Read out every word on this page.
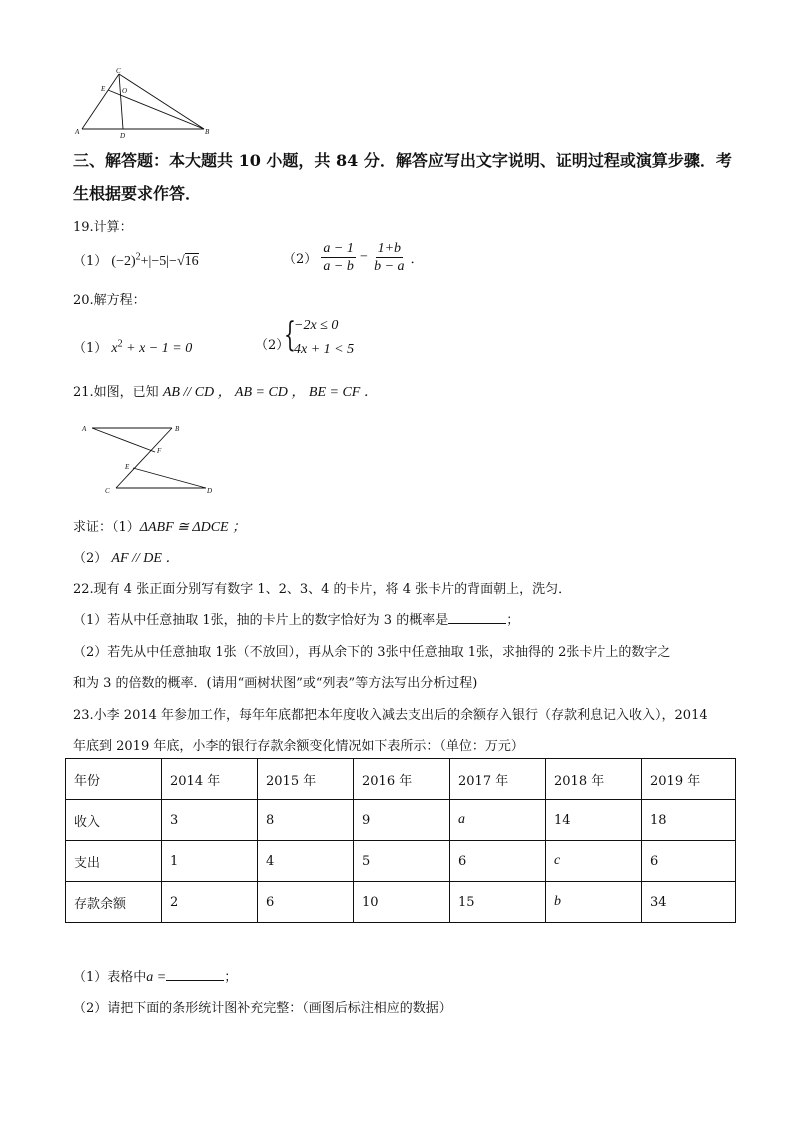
A	B
C
D
E O
三、解答题：本大题共 10 小题，共 84 分．解答应写出文字说明、证明过程或演算步骤．考
生根据要求作答．
19.计算：
（1） $(-2)^2+|-5|-√16$	$(2) \frac{a - 1}{a - b} - \frac{1+b}{b - a}$ ．
20.解方程：
（1） $x^2 + x - 1 = 0$	（2）
{
−2x ≤ 0
4x + 1 < 5
21.如图，已知 AB // CD ， AB = CD ， BE = CF ．
A	B
F
E
C	D
求证：（1）ΔABF ≅ ΔDCE ；
（2） AF // DE ．
22.现有 4 张正面分别写有数字 1、2、3、4 的卡片，将 4 张卡片的背面朝上，洗匀．
（1）若从中任意抽取 1张，抽的卡片上的数字恰好为 3 的概率是	；
（2）若先从中任意抽取 1张（不放回），再从余下的 3张中任意抽取 1张，求抽得的 2张卡片上的数字之
和为 3 的倍数的概率．(请用“画树状图”或“列表”等方法写出分析过程)
23.小李 2014 年参加工作，每年年底都把本年度收入减去支出后的余额存入银行（存款利息记入收入），2014
年底到 2019 年底，小李的银行存款余额变化情况如下表所示：（单位：万元）
年份	2014 年	2015 年	2016 年	2017 年	2018 年	2019 年
收入	3	8	9	a	14	18
支出	1	4	5	6	c	6
存款余额	2	6	10	15	b	34
（1）表格中a =	；
（2）请把下面的条形统计图补充完整：（画图后标注相应的数据）
